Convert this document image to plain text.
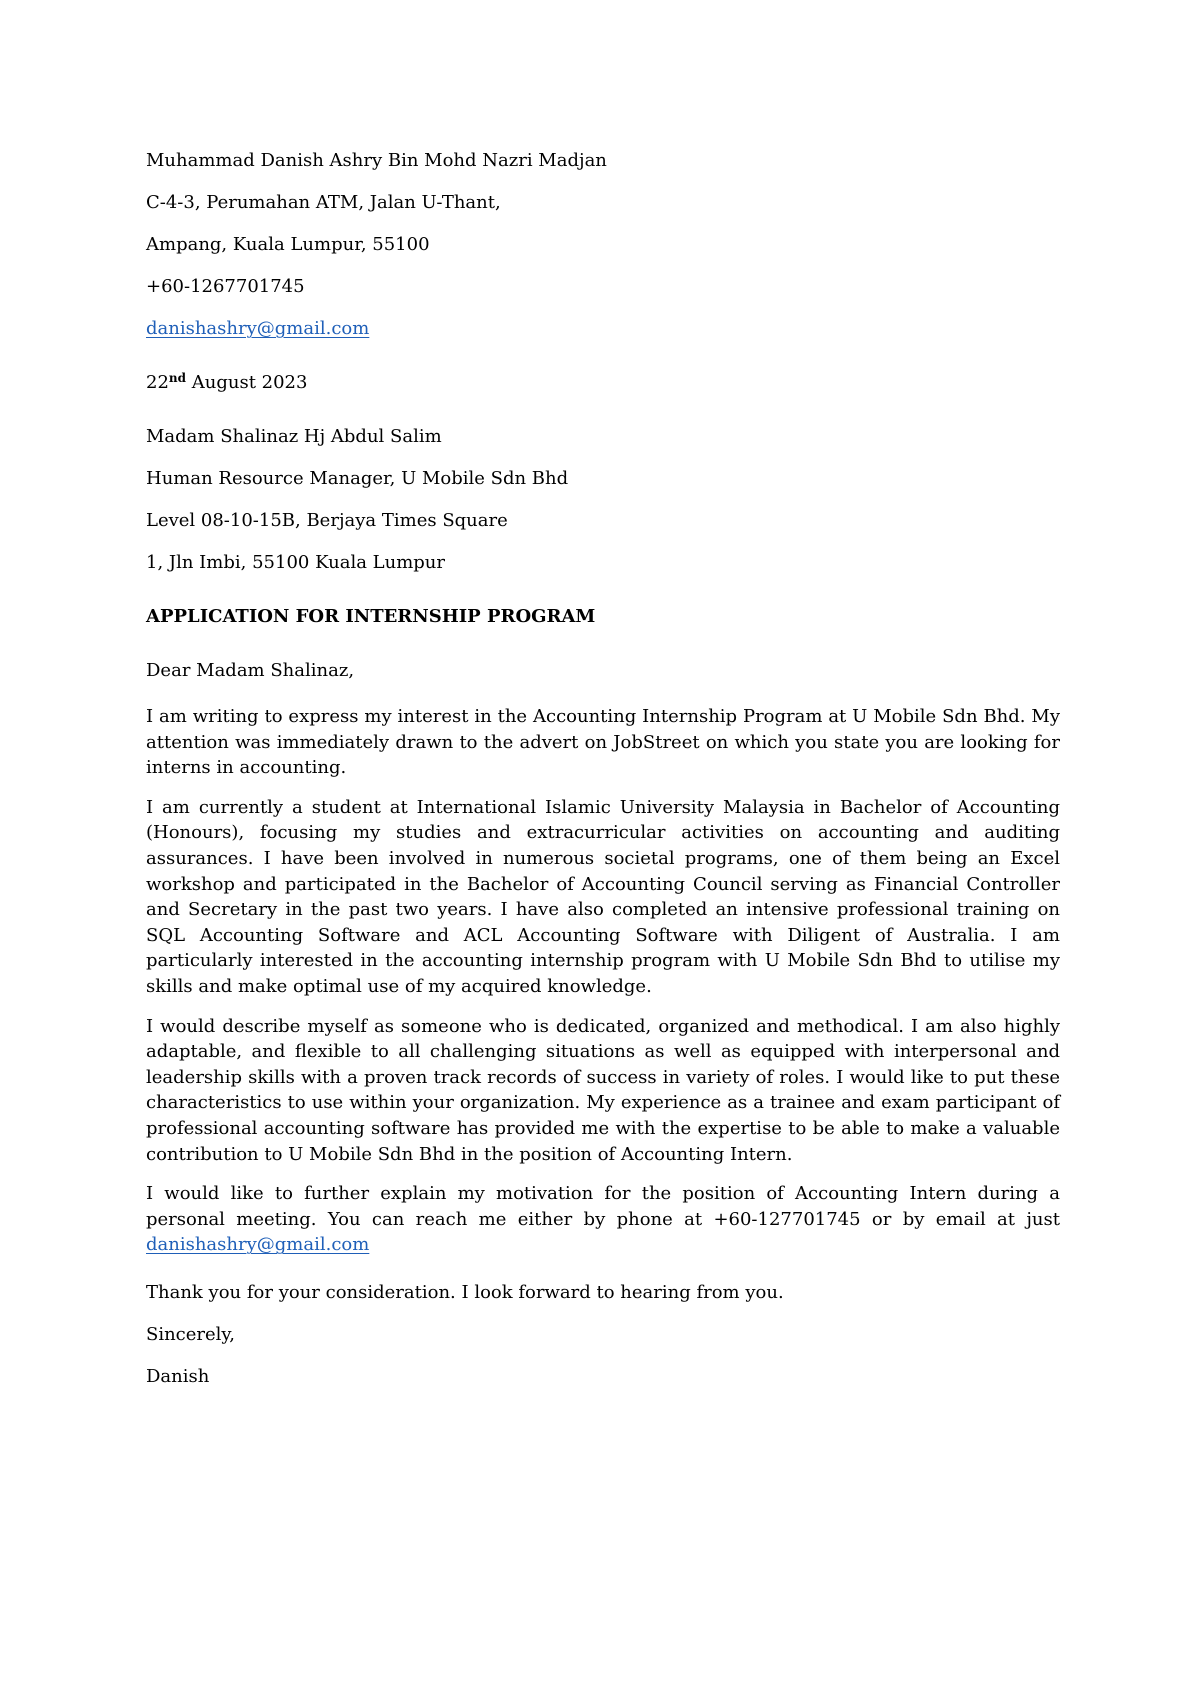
Muhammad Danish Ashry Bin Mohd Nazri Madjan
C-4-3, Perumahan ATM, Jalan U-Thant,
Ampang, Kuala Lumpur, 55100
+60-1267701745
danishashry@gmail.com
22nd August 2023
Madam Shalinaz Hj Abdul Salim
Human Resource Manager, U Mobile Sdn Bhd
Level 08-10-15B, Berjaya Times Square
1, Jln Imbi, 55100 Kuala Lumpur
APPLICATION FOR INTERNSHIP PROGRAM
Dear Madam Shalinaz,

I am writing to express my interest in the Accounting Internship Program at U Mobile Sdn Bhd. My attention was immediately drawn to the advert on JobStreet on which you state you are looking for interns in accounting.

I am currently a student at International Islamic University Malaysia in Bachelor of Accounting (Honours), focusing my studies and extracurricular activities on accounting and auditing assurances. I have been involved in numerous societal programs, one of them being an Excel workshop and participated in the Bachelor of Accounting Council serving as Financial Controller and Secretary in the past two years. I have also completed an intensive professional training on SQL Accounting Software and ACL Accounting Software with Diligent of Australia. I am particularly interested in the accounting internship program with U Mobile Sdn Bhd to utilise my skills and make optimal use of my acquired knowledge.

I would describe myself as someone who is dedicated, organized and methodical. I am also highly adaptable, and flexible to all challenging situations as well as equipped with interpersonal and leadership skills with a proven track records of success in variety of roles. I would like to put these characteristics to use within your organization. My experience as a trainee and exam participant of professional accounting software has provided me with the expertise to be able to make a valuable contribution to U Mobile Sdn Bhd in the position of Accounting Intern.

I would like to further explain my motivation for the position of Accounting Intern during a personal meeting. You can reach me either by phone at +60-127701745 or by email at just danishashry@gmail.com

Thank you for your consideration. I look forward to hearing from you.
Sincerely,
Danish
